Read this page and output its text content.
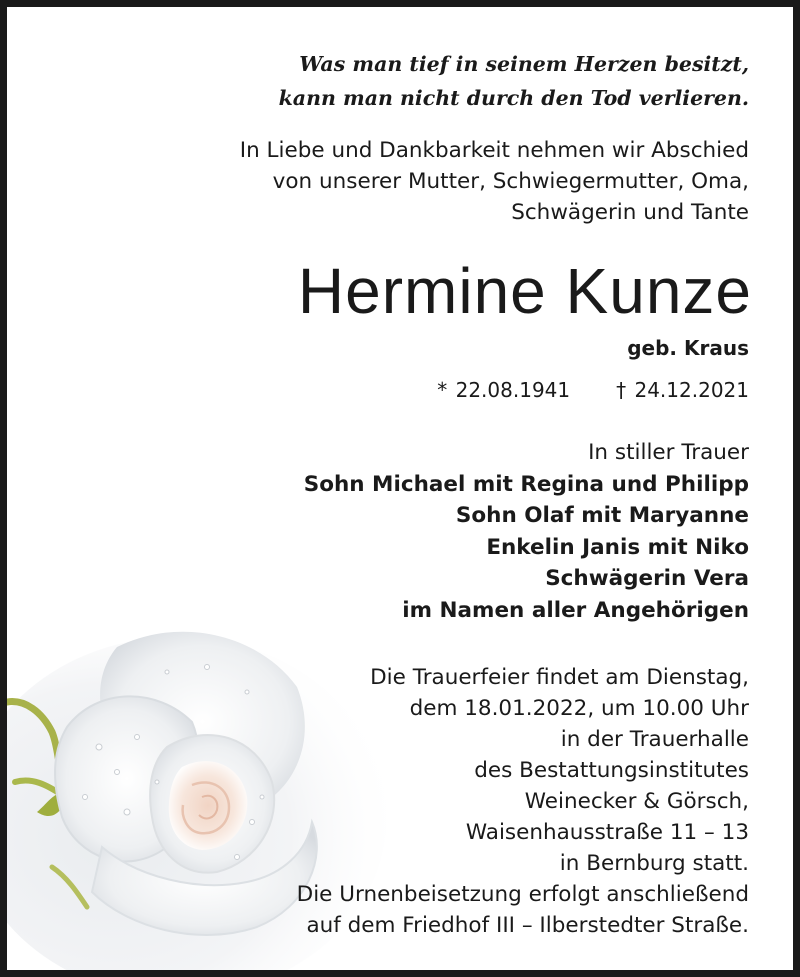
Was man tief in seinem Herzen besitzt,
kann man nicht durch den Tod verlieren.
In Liebe und Dankbarkeit nehmen wir Abschied
von unserer Mutter, Schwiegermutter, Oma,
Schwägerin und Tante
Hermine Kunze
geb. Kraus
* 22.08.1941 † 24.12.2021
In stiller Trauer
Sohn Michael mit Regina und Philipp
Sohn Olaf mit Maryanne
Enkelin Janis mit Niko
Schwägerin Vera
im Namen aller Angehörigen
Die Trauerfeier findet am Dienstag,
dem 18.01.2022, um 10.00 Uhr
in der Trauerhalle
des Bestattungsinstitutes
Weinecker & Görsch,
Waisenhausstraße 11 – 13
in Bernburg statt.
Die Urnenbeisetzung erfolgt anschließend
auf dem Friedhof III – Ilberstedter Straße.
